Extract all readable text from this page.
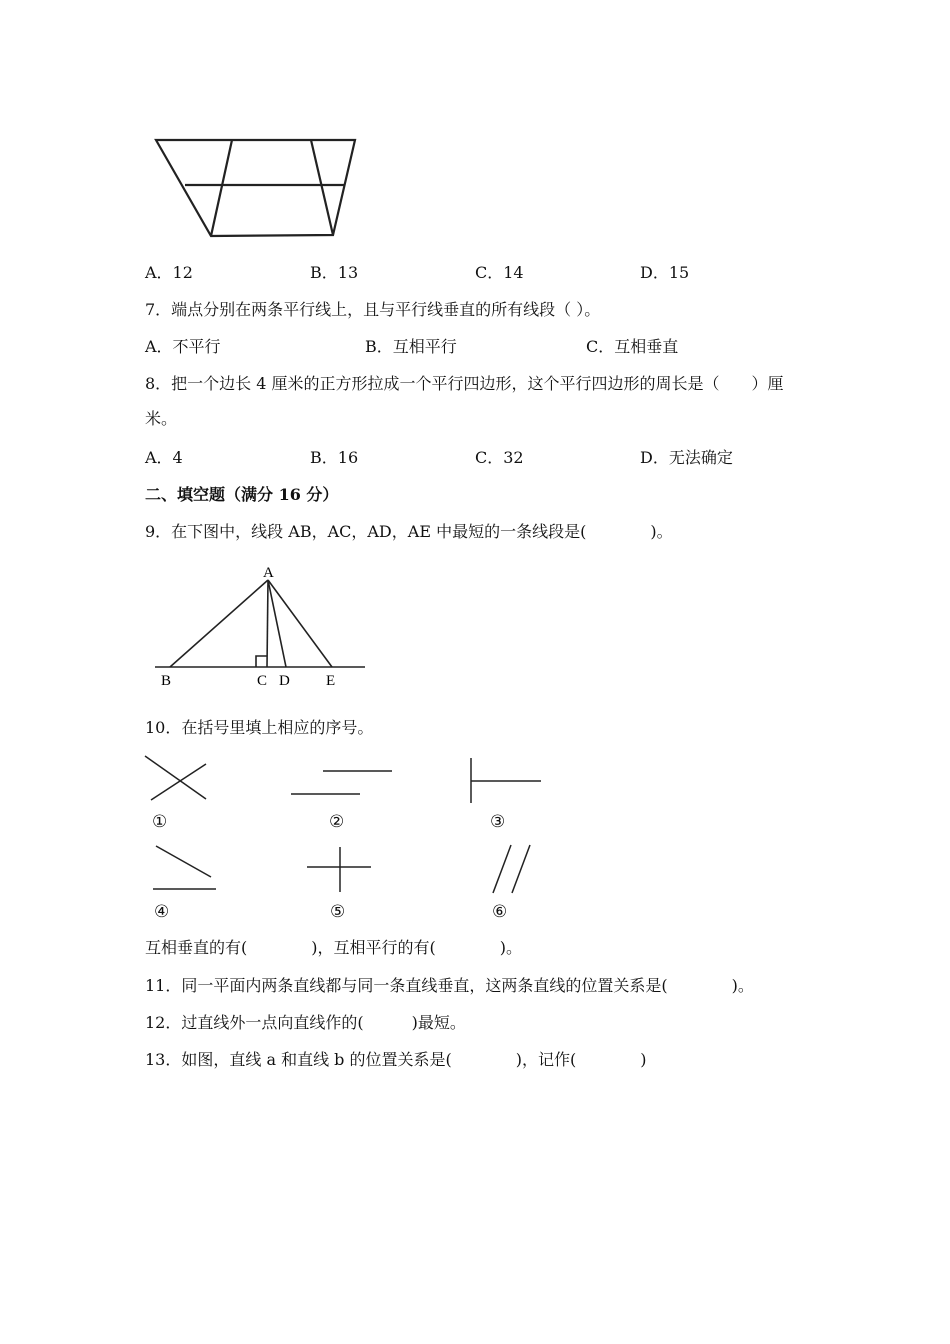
A．12	B．13	C．14	D．15
7．端点分别在两条平行线上，且与平行线垂直的所有线段（ ）。
A．不平行	B．互相平行	C．互相垂直
8．把一个边长 4 厘米的正方形拉成一个平行四边形，这个平行四边形的周长是（　　）厘
米。
A．4	B．16	C．32	D．无法确定
二、填空题（满分 16 分）
9．在下图中，线段 AB，AC，AD，AE 中最短的一条线段是(　　　　)。
A
B	C D E
10．在括号里填上相应的序号。
①	②	③
④	⑤	⑥
互相垂直的有(　　　　)，互相平行的有(　　　　)。
11．同一平面内两条直线都与同一条直线垂直，这两条直线的位置关系是(　　　　)。
12．过直线外一点向直线作的(　　　)最短。
13．如图，直线 a 和直线 b 的位置关系是(　　　　)，记作(　　　　)
